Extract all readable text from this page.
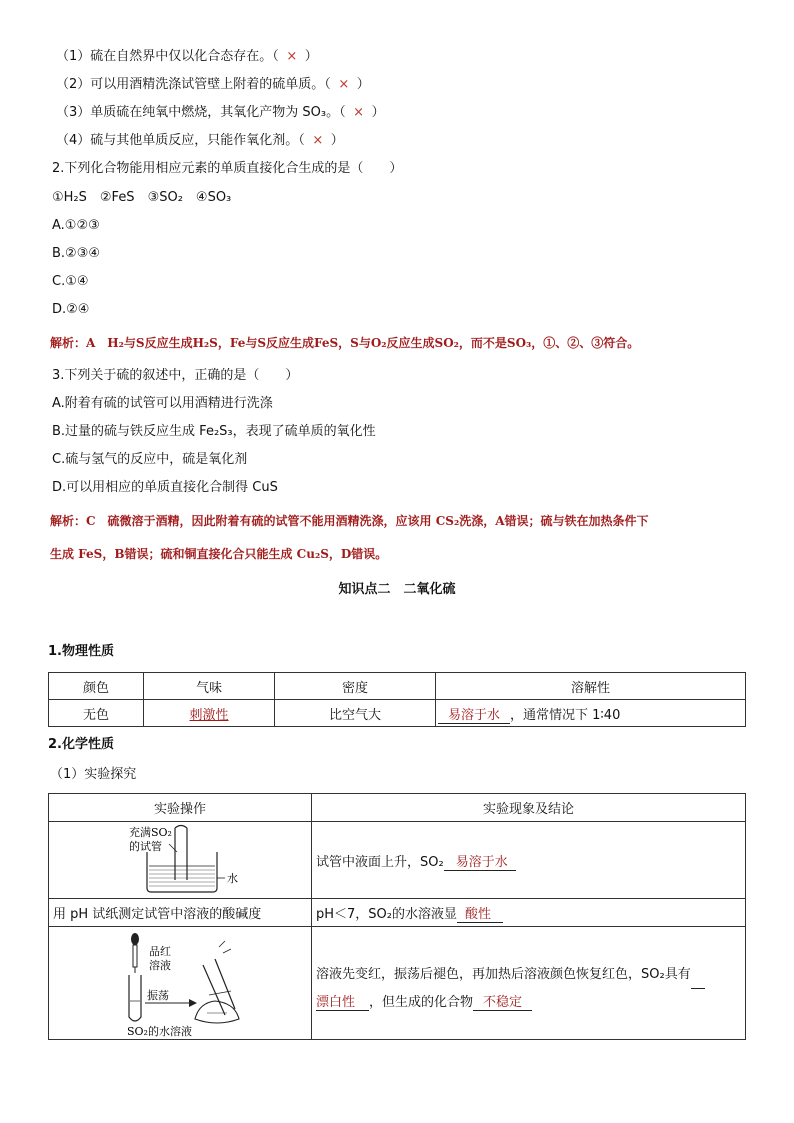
（1）硫在自然界中仅以化合态存在。（ × ）
（2）可以用酒精洗涤试管壁上附着的硫单质。（ × ）
（3）单质硫在纯氧中燃烧，其氧化产物为 SO₃。（ × ）
（4）硫与其他单质反应，只能作氧化剂。（ × ）
2.下列化合物能用相应元素的单质直接化合生成的是（　　）
①H₂S　②FeS　③SO₂　④SO₃
A.①②③
B.②③④
C.①④
D.②④
解析：A　H₂与S反应生成H₂S，Fe与S反应生成FeS，S与O₂反应生成SO₂，而不是SO₃，①、②、③符合。
3.下列关于硫的叙述中，正确的是（　　）
A.附着有硫的试管可以用酒精进行洗涤
B.过量的硫与铁反应生成 Fe₂S₃，表现了硫单质的氧化性
C.硫与氢气的反应中，硫是氧化剂
D.可以用相应的单质直接化合制得 CuS
解析：C　硫微溶于酒精，因此附着有硫的试管不能用酒精洗涤，应该用 CS₂洗涤，A错误；硫与铁在加热条件下
生成 FeS，B错误；硫和铜直接化合只能生成 Cu₂S，D错误。
知识点二　二氧化硫
1.物理性质
颜色	气味	密度	溶解性
无色	刺激性	比空气大	易溶于水 ，通常情况下 1∶40
2.化学性质
（1）实验探究
实验操作	实验现象及结论

充满SO₂
的试管
水	试管中液面上升，SO₂ 易溶于水
用 pH 试纸测定试管中溶液的酸碱度	pH＜7，SO₂的水溶液显 酸性

品红
溶液
振荡
SO₂的水溶液	溶液先变红，振荡后褪色，再加热后溶液颜色恢复红色，SO₂具有
漂白性 ，但生成的化合物 不稳定
